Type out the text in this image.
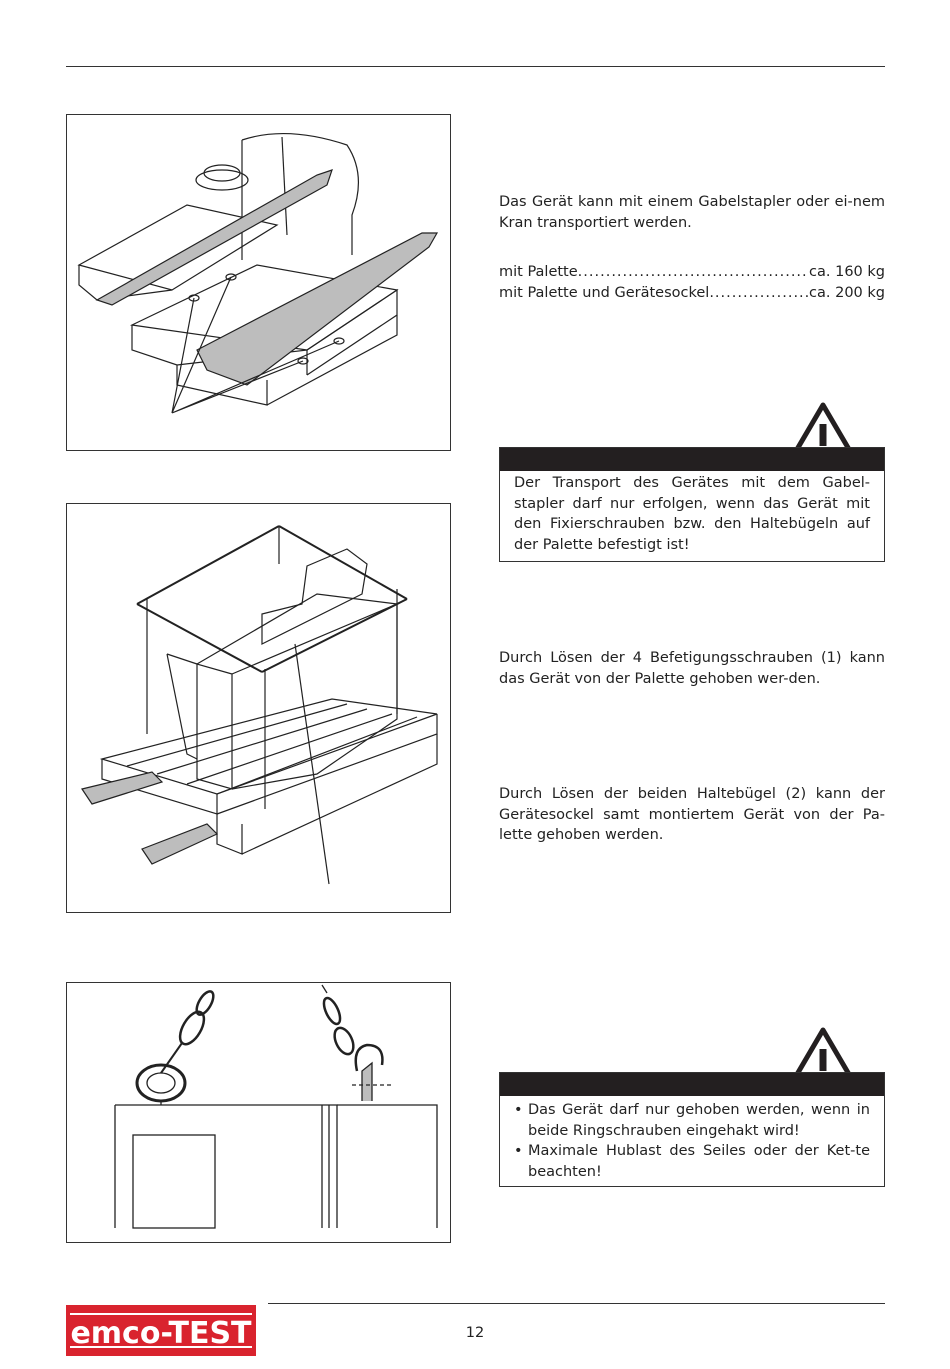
Das Gerät kann mit einem Gabelstapler oder ei-nem Kran transportiert werden.

mit Palette .....	ca. 160 kg
mit Palette und Gerätesockel .....	ca. 200 kg
Der Transport des Gerätes mit dem Gabel-stapler darf nur erfolgen, wenn das Gerät mit den Fixierschrauben bzw. den Haltebügeln auf der Palette befestigt ist!

Durch Lösen der 4 Befetigungsschrauben (1) kann das Gerät von der Palette gehoben wer-den.

Durch Lösen der beiden Haltebügel (2) kann der Gerätesockel samt montiertem Gerät von der Pa-lette gehoben werden.

• Das Gerät darf nur gehoben werden, wenn in beide Ringschrauben eingehakt wird!
• Maximale Hublast des Seiles oder der Ket-te beachten!
emco-TEST	12
